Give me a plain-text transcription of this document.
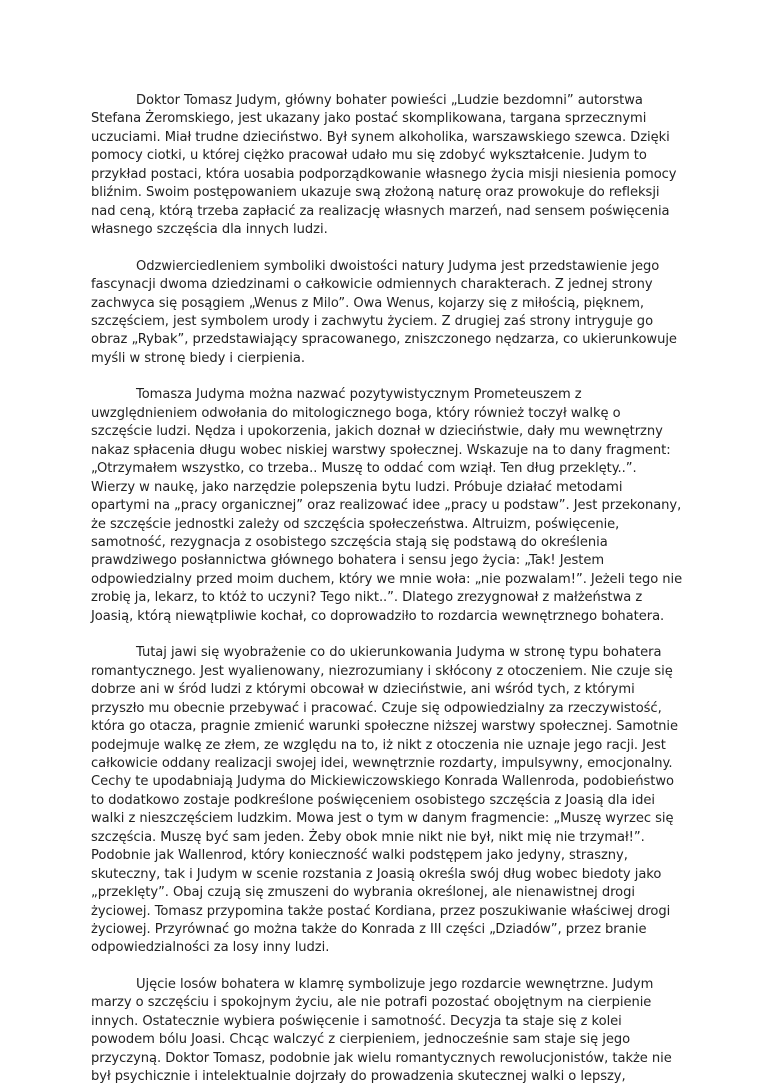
Doktor Tomasz Judym, główny bohater powieści „Ludzie bezdomni” autorstwa Stefana Żeromskiego, jest ukazany jako postać skomplikowana, targana sprzecznymi uczuciami. Miał trudne dzieciństwo. Był synem alkoholika, warszawskiego szewca. Dzięki pomocy ciotki, u której ciężko pracował udało mu się zdobyć wykształcenie. Judym to przykład postaci, która uosabia podporządkowanie własnego życia misji niesienia pomocy bliźnim. Swoim postępowaniem ukazuje swą złożoną naturę oraz prowokuje do refleksji nad ceną, którą trzeba zapłacić za realizację własnych marzeń, nad sensem poświęcenia własnego szczęścia dla innych ludzi.

Odzwierciedleniem symboliki dwoistości natury Judyma jest przedstawienie jego fascynacji dwoma dziedzinami o całkowicie odmiennych charakterach. Z jednej strony zachwyca się posągiem „Wenus z Milo”. Owa Wenus, kojarzy się z miłością, pięknem, szczęściem, jest symbolem urody i zachwytu życiem. Z drugiej zaś strony intryguje go obraz „Rybak”, przedstawiający spracowanego, zniszczonego nędzarza, co ukierunkowuje myśli w stronę biedy i cierpienia.

Tomasza Judyma można nazwać pozytywistycznym Prometeuszem z uwzględnieniem odwołania do mitologicznego boga, który również toczył walkę o szczęście ludzi. Nędza i upokorzenia, jakich doznał w dzieciństwie, dały mu wewnętrzny nakaz spłacenia długu wobec niskiej warstwy społecznej. Wskazuje na to dany fragment: „Otrzymałem wszystko, co trzeba.. Muszę to oddać com wziął. Ten dług przeklęty..”. Wierzy w naukę, jako narzędzie polepszenia bytu ludzi. Próbuje działać metodami opartymi na „pracy organicznej” oraz realizować idee „pracy u podstaw”. Jest przekonany, że szczęście jednostki zależy od szczęścia społeczeństwa. Altruizm, poświęcenie, samotność, rezygnacja z osobistego szczęścia stają się podstawą do określenia prawdziwego posłannictwa głównego bohatera i sensu jego życia: „Tak! Jestem odpowiedzialny przed moim duchem, który we mnie woła: „nie pozwalam!”. Jeżeli tego nie zrobię ja, lekarz, to któż to uczyni? Tego nikt..”. Dlatego zrezygnował z małżeństwa z Joasią, którą niewątpliwie kochał, co doprowadziło to rozdarcia wewnętrznego bohatera.

Tutaj jawi się wyobrażenie co do ukierunkowania Judyma w stronę typu bohatera romantycznego. Jest wyalienowany, niezrozumiany i skłócony z otoczeniem. Nie czuje się dobrze ani w śród ludzi z którymi obcował w dzieciństwie, ani wśród tych, z którymi przyszło mu obecnie przebywać i pracować. Czuje się odpowiedzialny za rzeczywistość, która go otacza, pragnie zmienić warunki społeczne niższej warstwy społecznej. Samotnie podejmuje walkę ze złem, ze względu na to, iż nikt z otoczenia nie uznaje jego racji. Jest całkowicie oddany realizacji swojej idei, wewnętrznie rozdarty, impulsywny, emocjonalny. Cechy te upodabniają Judyma do Mickiewiczowskiego Konrada Wallenroda, podobieństwo to dodatkowo zostaje podkreślone poświęceniem osobistego szczęścia z Joasią dla idei walki z nieszczęściem ludzkim. Mowa jest o tym w danym fragmencie: „Muszę wyrzec się szczęścia. Muszę być sam jeden. Żeby obok mnie nikt nie był, nikt mię nie trzymał!”. Podobnie jak Wallenrod, który konieczność walki podstępem jako jedyny, straszny, skuteczny, tak i Judym w scenie rozstania z Joasią określa swój dług wobec biedoty jako „przeklęty”. Obaj czują się zmuszeni do wybrania określonej, ale nienawistnej drogi życiowej. Tomasz przypomina także postać Kordiana, przez poszukiwanie właściwej drogi życiowej. Przyrównać go można także do Konrada z III części „Dziadów”, przez branie odpowiedzialności za losy inny ludzi.

Ujęcie losów bohatera w klamrę symbolizuje jego rozdarcie wewnętrzne. Judym marzy o szczęściu i spokojnym życiu, ale nie potrafi pozostać obojętnym na cierpienie innych. Ostatecznie wybiera poświęcenie i samotność. Decyzja ta staje się z kolei powodem bólu Joasi. Chcąc walczyć z cierpieniem, jednocześnie sam staje się jego przyczyną. Doktor Tomasz, podobnie jak wielu romantycznych rewolucjonistów, także nie był psychicznie i intelektualnie dojrzały do prowadzenia skutecznej walki o lepszy,
